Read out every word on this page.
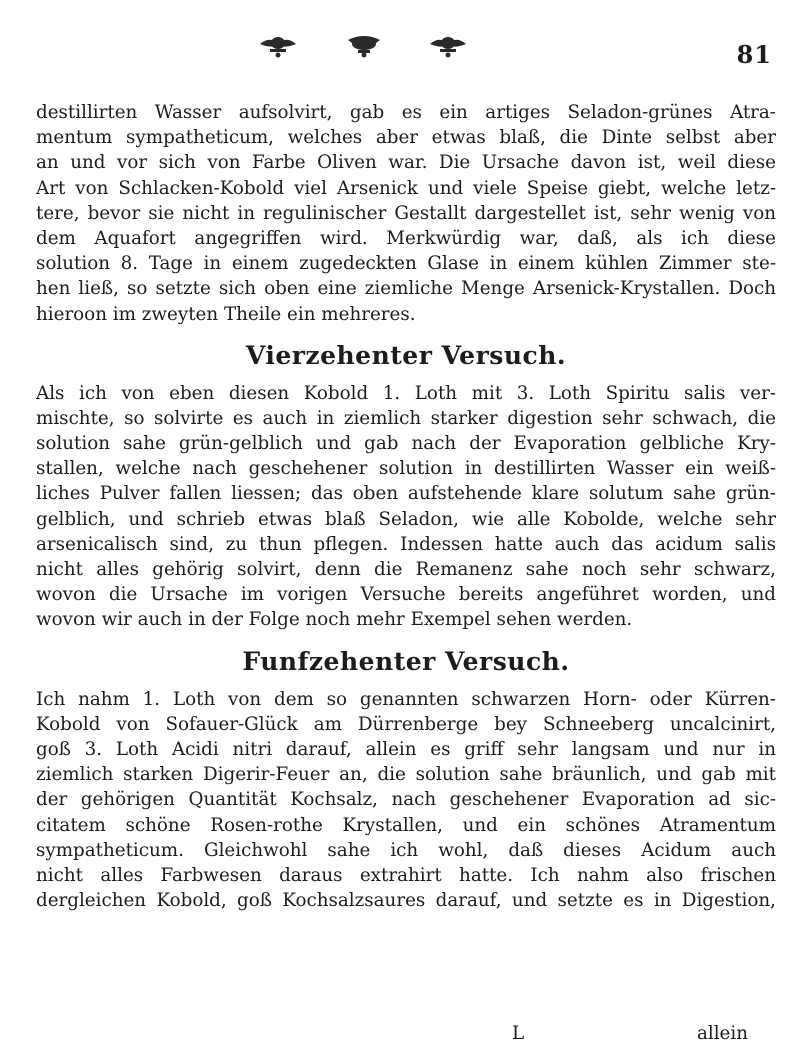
81
destillirten Wasser aufsolvirt, gab es ein artiges Seladon-grünes Atra-
mentum sympatheticum, welches aber etwas blaß, die Dinte selbst aber
an und vor sich von Farbe Oliven war. Die Ursache davon ist, weil diese
Art von Schlacken-Kobold viel Arsenick und viele Speise giebt, welche letz-
tere, bevor sie nicht in regulinischer Gestallt dargestellet ist, sehr wenig von
dem Aquafort angegriffen wird. Merkwürdig war, daß, als ich diese
solution 8. Tage in einem zugedeckten Glase in einem kühlen Zimmer ste-
hen ließ, so setzte sich oben eine ziemliche Menge Arsenick-Krystallen. Doch
hieroon im zweyten Theile ein mehreres.
Vierzehenter Versuch.
Als ich von eben diesen Kobold 1. Loth mit 3. Loth Spiritu salis ver-
mischte, so solvirte es auch in ziemlich starker digestion sehr schwach, die
solution sahe grün-gelblich und gab nach der Evaporation gelbliche Kry-
stallen, welche nach geschehener solution in destillirten Wasser ein weiß-
liches Pulver fallen liessen; das oben aufstehende klare solutum sahe grün-
gelblich, und schrieb etwas blaß Seladon, wie alle Kobolde, welche sehr
arsenicalisch sind, zu thun pflegen. Indessen hatte auch das acidum salis
nicht alles gehörig solvirt, denn die Remanenz sahe noch sehr schwarz,
wovon die Ursache im vorigen Versuche bereits angeführet worden, und
wovon wir auch in der Folge noch mehr Exempel sehen werden.
Funfzehenter Versuch.
Ich nahm 1. Loth von dem so genannten schwarzen Horn- oder Kürren-
Kobold von Sofauer-Glück am Dürrenberge bey Schneeberg uncalcinirt,
goß 3. Loth Acidi nitri darauf, allein es griff sehr langsam und nur in
ziemlich starken Digerir-Feuer an, die solution sahe bräunlich, und gab mit
der gehörigen Quantität Kochsalz, nach geschehener Evaporation ad sic-
citatem schöne Rosen-rothe Krystallen, und ein schönes Atramentum
sympatheticum. Gleichwohl sahe ich wohl, daß dieses Acidum auch
nicht alles Farbwesen daraus extrahirt hatte. Ich nahm also frischen
dergleichen Kobold, goß Kochsalzsaures darauf, und setzte es in Digestion,
L	allein
